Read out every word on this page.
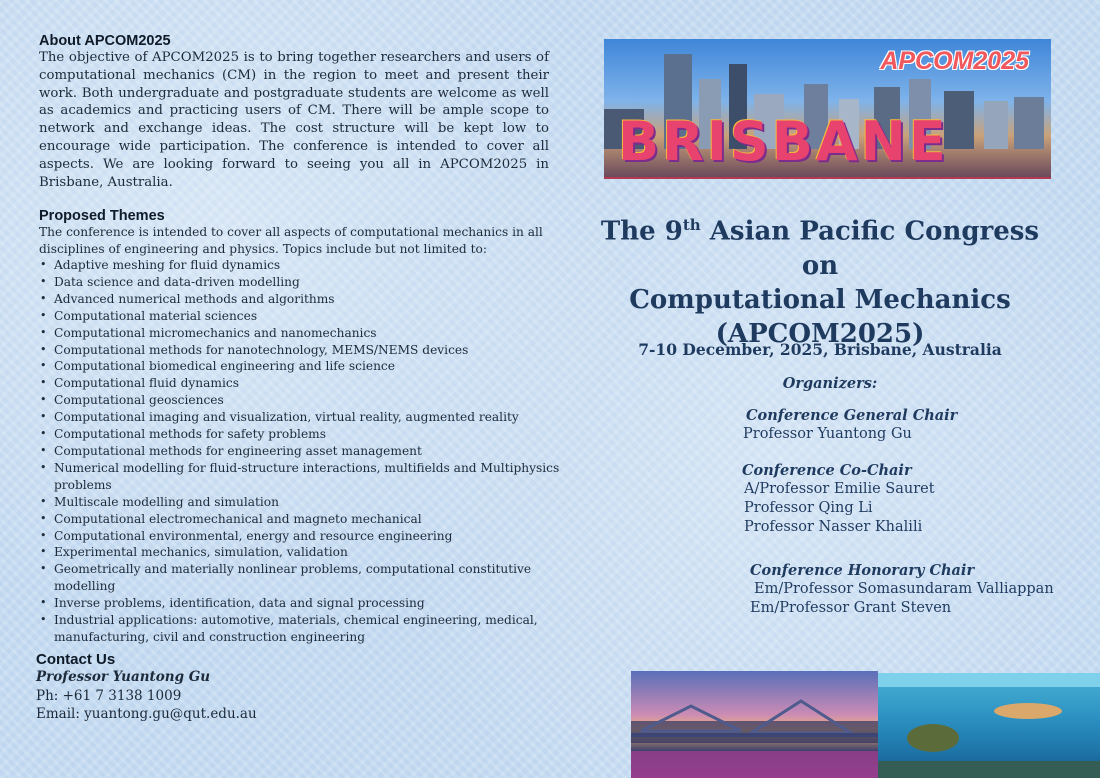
About APCOM2025

The objective of APCOM2025 is to bring together researchers and users of computational mechanics (CM) in the region to meet and present their work. Both undergraduate and postgraduate students are welcome as well as academics and practicing users of CM. There will be ample scope to network and exchange ideas. The cost structure will be kept low to encourage wide participation. The conference is intended to cover all aspects. We are looking forward to seeing you all in APCOM2025 in Brisbane, Australia.

Proposed Themes

The conference is intended to cover all aspects of computational mechanics in all disciplines of engineering and physics. Topics include but not limited to:

• Adaptive meshing for fluid dynamics
• Data science and data-driven modelling
• Advanced numerical methods and algorithms
• Computational material sciences
• Computational micromechanics and nanomechanics
• Computational methods for nanotechnology, MEMS/NEMS devices
• Computational biomedical engineering and life science
• Computational fluid dynamics
• Computational geosciences
• Computational imaging and visualization, virtual reality, augmented reality
• Computational methods for safety problems
• Computational methods for engineering asset management
• Numerical modelling for fluid-structure interactions, multifields and Multiphysics problems
• Multiscale modelling and simulation
• Computational electromechanical and magneto mechanical
• Computational environmental, energy and resource engineering
• Experimental mechanics, simulation, validation
• Geometrically and materially nonlinear problems, computational constitutive modelling
• Inverse problems, identification, data and signal processing
• Industrial applications: automotive, materials, chemical engineering, medical, manufacturing, civil and construction engineering

Contact Us

Professor Yuantong Gu
Ph: +61 7 3138 1009
Email: yuantong.gu@qut.edu.au
APCOM2025
BRISBANE
The 9th Asian Pacific Congress on
Computational Mechanics
(APCOM2025)
7-10 December, 2025, Brisbane, Australia
Organizers:
Conference General Chair
Professor Yuantong Gu
Conference Co-Chair
A/Professor Emilie Sauret
Professor Qing Li
Professor Nasser Khalili
Conference Honorary Chair
Em/Professor Somasundaram Valliappan
Em/Professor Grant Steven
